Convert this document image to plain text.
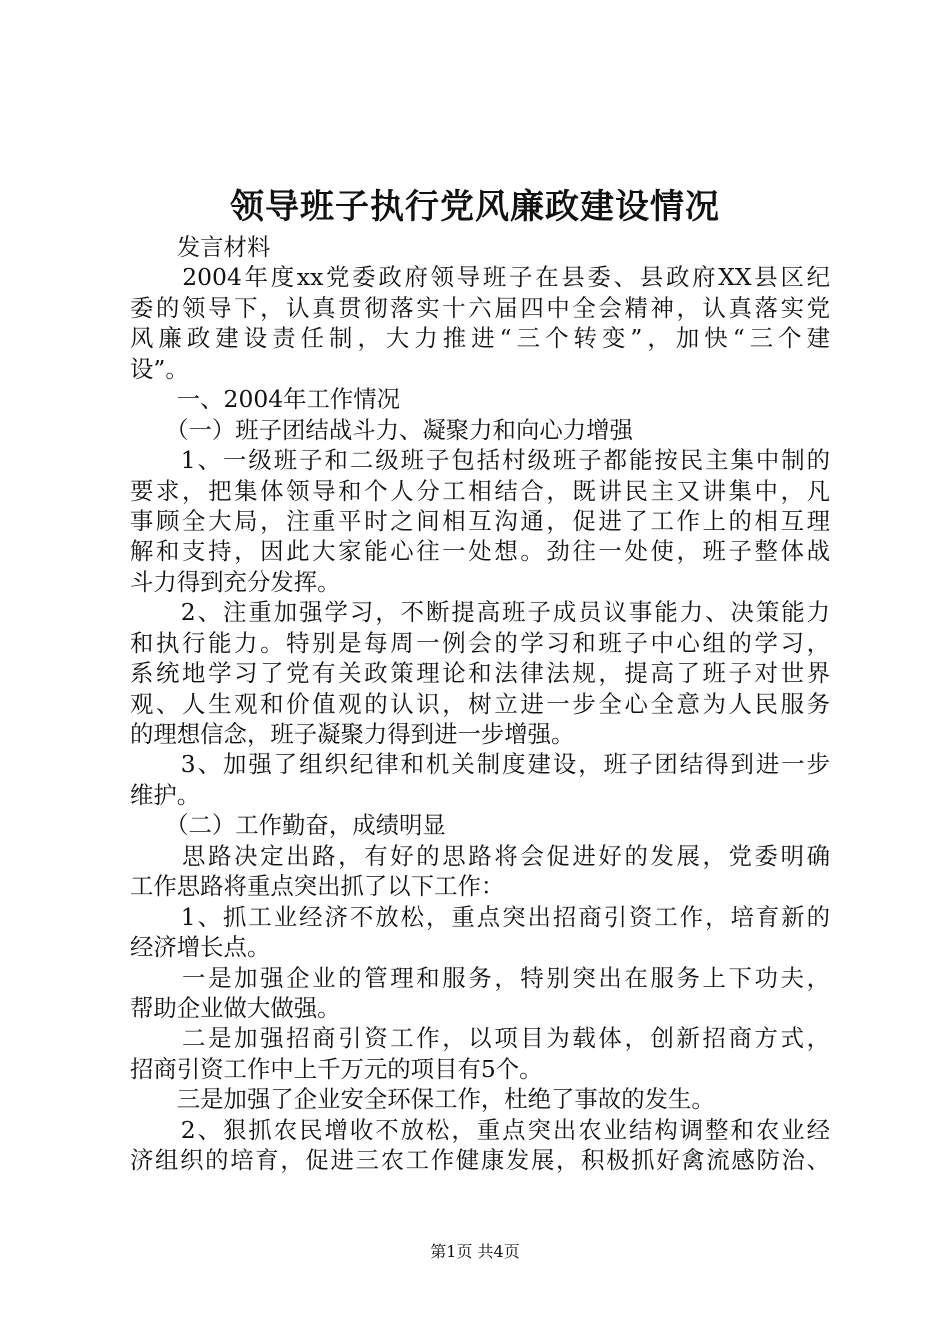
领导班子执行党风廉政建设情况
　　发言材料
　　2004年度xx党委政府领导班子在县委、县政府XX县区纪
委的领导下，认真贯彻落实十六届四中全会精神，认真落实党
风廉政建设责任制，大力推进“三个转变”，加快“三个建
设”。
　　一、2004年工作情况
　　（一）班子团结战斗力、凝聚力和向心力增强
　　1、一级班子和二级班子包括村级班子都能按民主集中制的
要求，把集体领导和个人分工相结合，既讲民主又讲集中，凡
事顾全大局，注重平时之间相互沟通，促进了工作上的相互理
解和支持，因此大家能心往一处想。劲往一处使，班子整体战
斗力得到充分发挥。
　　2、注重加强学习，不断提高班子成员议事能力、决策能力
和执行能力。特别是每周一例会的学习和班子中心组的学习，
系统地学习了党有关政策理论和法律法规，提高了班子对世界
观、人生观和价值观的认识，树立进一步全心全意为人民服务
的理想信念，班子凝聚力得到进一步增强。
　　3、加强了组织纪律和机关制度建设，班子团结得到进一步
维护。
　　（二）工作勤奋，成绩明显
　　思路决定出路，有好的思路将会促进好的发展，党委明确
工作思路将重点突出抓了以下工作：
　　1、抓工业经济不放松，重点突出招商引资工作，培育新的
经济增长点。
　　一是加强企业的管理和服务，特别突出在服务上下功夫，
帮助企业做大做强。
　　二是加强招商引资工作，以项目为载体，创新招商方式，
招商引资工作中上千万元的项目有5个。
　　三是加强了企业安全环保工作，杜绝了事故的发生。
　　2、狠抓农民增收不放松，重点突出农业结构调整和农业经
济组织的培育，促进三农工作健康发展，积极抓好禽流感防治、
第1页 共4页
